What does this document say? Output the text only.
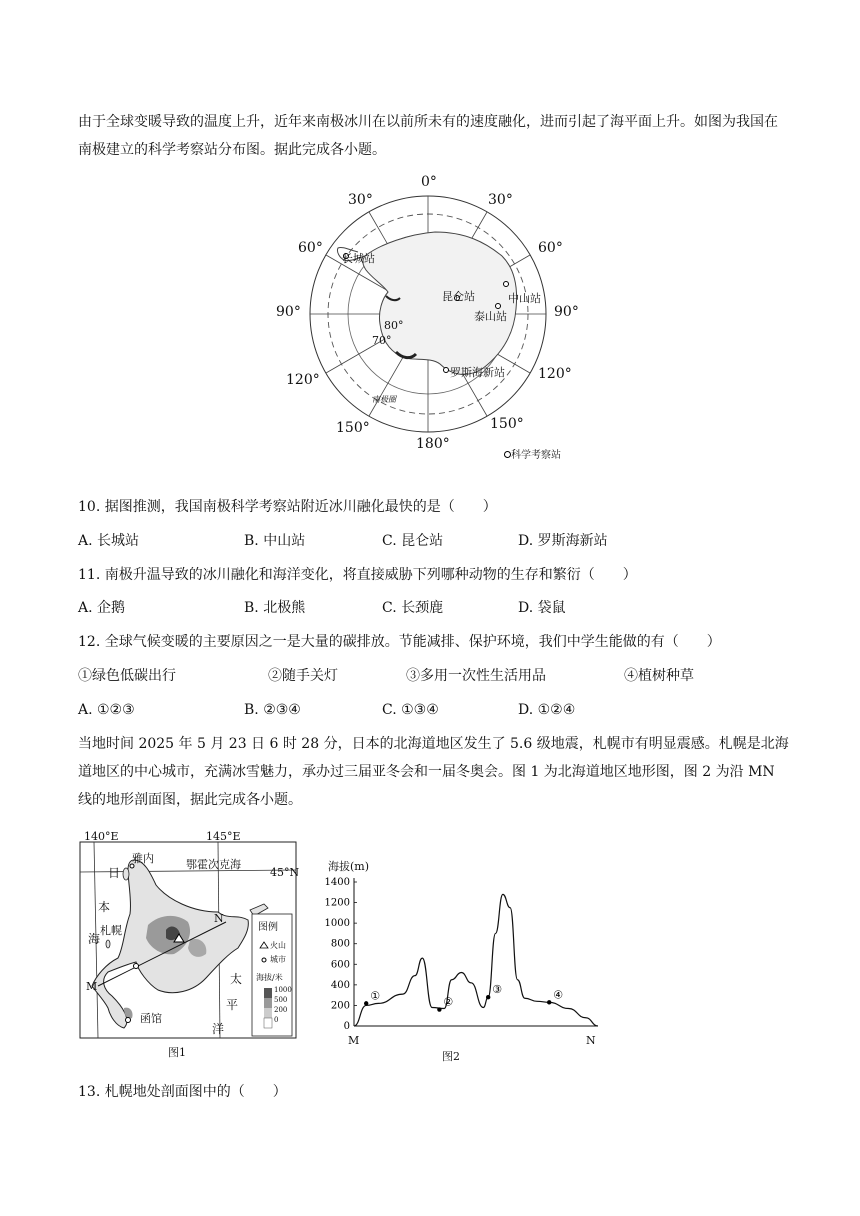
由于全球变暖导致的温度上升，近年来南极冰川在以前所未有的速度融化，进而引起了海平面上升。如图为我国在南极建立的科学考察站分布图。据此完成各小题。

0°
30°	30°
60°	60°
90°	90°
120°	120°
150°	150°
180°
80°
70°
南极圈
长城站
昆仑站	中山站
泰山站
罗斯海新站
科学考察站

10. 据图推测，我国南极科学考察站附近冰川融化最快的是（　　）

A. 长城站	B. 中山站	C. 昆仑站	D. 罗斯海新站

11. 南极升温导致的冰川融化和海洋变化，将直接威胁下列哪种动物的生存和繁衍（　　）

A. 企鹅	B. 北极熊	C. 长颈鹿	D. 袋鼠

12. 全球气候变暖的主要原因之一是大量的碳排放。节能减排、保护环境，我们中学生能做的有（　　）

①绿色低碳出行	②随手关灯	③多用一次性生活用品	④植树种草
A. ①②③	B. ②③④	C. ①③④	D. ①②④

当地时间 2025 年 5 月 23 日 6 时 28 分，日本的北海道地区发生了 5.6 级地震，札幌市有明显震感。札幌是北海道地区的中心城市，充满冰雪魅力，承办过三届亚冬会和一届冬奥会。图 1 为北海道地区地形图，图 2 为沿 MN 线的地形剖面图，据此完成各小题。

140°E	145°E
45°N
雅内	鄂霍次克海
日
本
海
太
平
洋
札幌
函馆
M
N
图例
火山
城市
海拔/米
1000
500
200
0
图1
海拔(m)
1400
1200
1000
800
600
400
200
0
①	②
③	④
M	N
图2

13. 札幌地处剖面图中的（　　）
